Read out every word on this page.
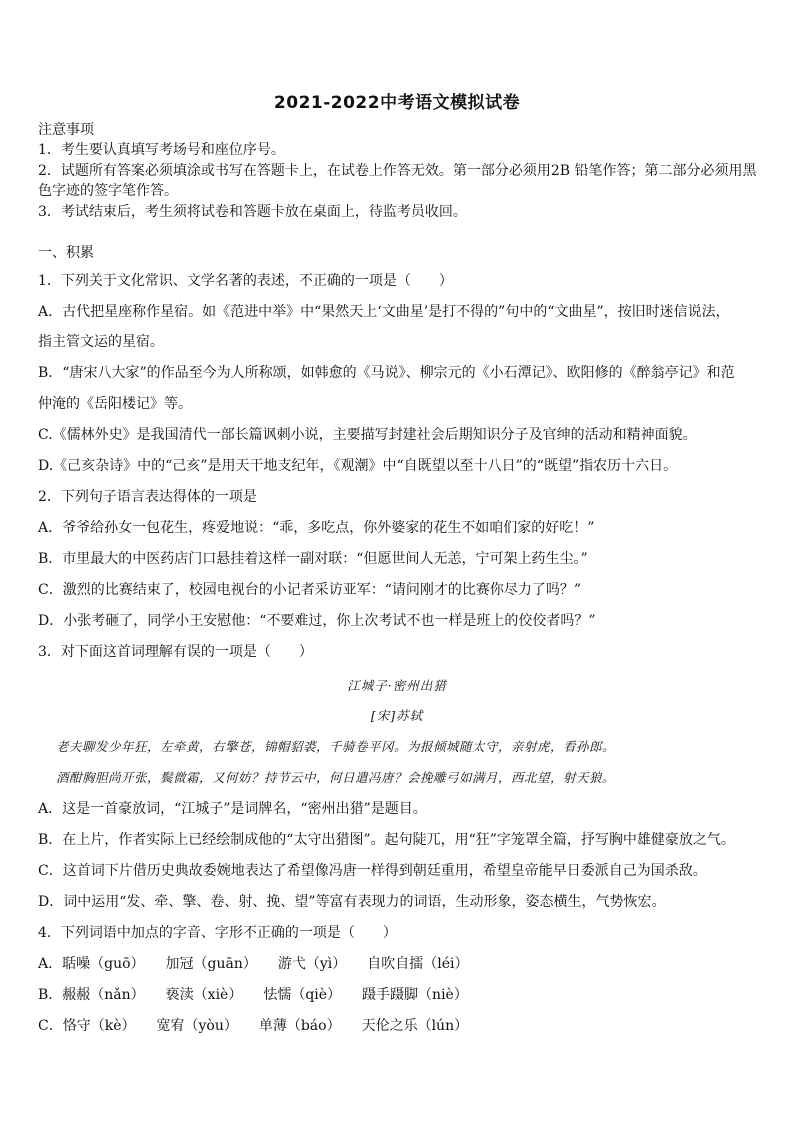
2021-2022中考语文模拟试卷
注意事项
1．考生要认真填写考场号和座位序号。
2．试题所有答案必须填涂或书写在答题卡上，在试卷上作答无效。第一部分必须用2B 铅笔作答；第二部分必须用黑
色字迹的签字笔作答。
3．考试结束后，考生须将试卷和答题卡放在桌面上，待监考员收回。
一、积累
1．下列关于文化常识、文学名著的表述，不正确的一项是（　　）
A．古代把星座称作星宿。如《范进中举》中“果然天上‘文曲星’是打不得的”句中的“文曲星”，按旧时迷信说法，
指主管文运的星宿。
B．“唐宋八大家”的作品至今为人所称颂，如韩愈的《马说》、柳宗元的《小石潭记》、欧阳修的《醉翁亭记》和范
仲淹的《岳阳楼记》等。
C.《儒林外史》是我国清代一部长篇讽刺小说，主要描写封建社会后期知识分子及官绅的活动和精神面貌。
D.《己亥杂诗》中的“己亥”是用天干地支纪年，《观潮》中“自既望以至十八日”的“既望”指农历十六日。
2．下列句子语言表达得体的一项是
A．爷爷给孙女一包花生，疼爱地说：“乖，多吃点，你外婆家的花生不如咱们家的好吃！”
B．市里最大的中医药店门口悬挂着这样一副对联：“但愿世间人无恙，宁可架上药生尘。”
C．激烈的比赛结束了，校园电视台的小记者采访亚军：“请问刚才的比赛你尽力了吗？”
D．小张考砸了，同学小王安慰他：“不要难过，你上次考试不也一样是班上的佼佼者吗？”
3．对下面这首词理解有误的一项是（　　）
江城子·密州出猎
[宋]苏轼
老夫聊发少年狂，左牵黄，右擎苍，锦帽貂裘，千骑卷平冈。为报倾城随太守，亲射虎，看孙郎。
酒酣胸胆尚开张，鬓微霜，又何妨？持节云中，何日遣冯唐？会挽雕弓如满月，西北望，射天狼。
A．这是一首豪放词，“江城子”是词牌名，“密州出猎”是题目。
B．在上片，作者实际上已经绘制成他的“太守出猎图”。起句陡兀，用“狂”字笼罩全篇，抒写胸中雄健豪放之气。
C．这首词下片借历史典故委婉地表达了希望像冯唐一样得到朝廷重用，希望皇帝能早日委派自己为国杀敌。
D．词中运用“发、牵、擎、卷、射、挽、望”等富有表现力的词语，生动形象，姿态横生，气势恢宏。
4．下列词语中加点的字音、字形不正确的一项是（　　）
A．聒噪（guō）　　加冠（guān）　　游弋（yì）　　自吹自擂（léi）
B．赧赧（nǎn）　　亵渎（xiè）　　怯懦（qiè）　　蹑手蹑脚（niè）
C．恪守（kè）　　宽宥（yòu）　　单薄（báo）　　天伦之乐（lún）
